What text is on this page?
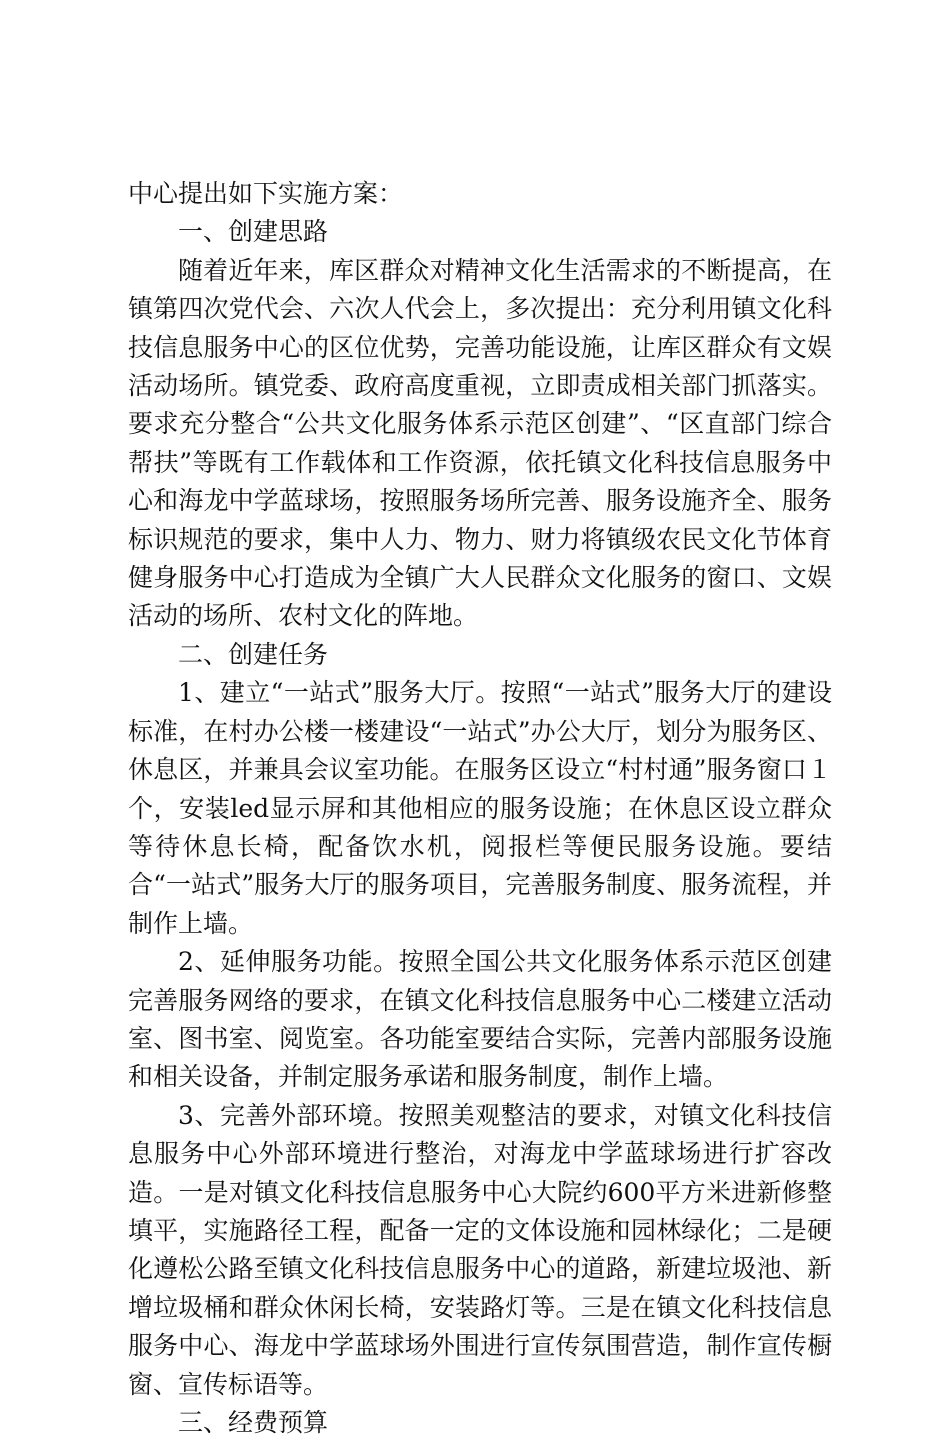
中心提出如下实施方案：

一、创建思路

随着近年来，库区群众对精神文化生活需求的不断提高，在镇第四次党代会、六次人代会上，多次提出：充分利用镇文化科技信息服务中心的区位优势，完善功能设施，让库区群众有文娱活动场所。镇党委、政府高度重视，立即责成相关部门抓落实。要求充分整合“公共文化服务体系示范区创建”、“区直部门综合帮扶”等既有工作载体和工作资源，依托镇文化科技信息服务中心和海龙中学蓝球场，按照服务场所完善、服务设施齐全、服务标识规范的要求，集中人力、物力、财力将镇级农民文化节体育健身服务中心打造成为全镇广大人民群众文化服务的窗口、文娱活动的场所、农村文化的阵地。

二、创建任务

1、建立“一站式”服务大厅。按照“一站式”服务大厅的建设标准，在村办公楼一楼建设“一站式”办公大厅，划分为服务区、休息区，并兼具会议室功能。在服务区设立“村村通”服务窗口１个，安装led显示屏和其他相应的服务设施；在休息区设立群众等待休息长椅，配备饮水机，阅报栏等便民服务设施。要结合“一站式”服务大厅的服务项目，完善服务制度、服务流程，并制作上墙。

2、延伸服务功能。按照全国公共文化服务体系示范区创建完善服务网络的要求，在镇文化科技信息服务中心二楼建立活动室、图书室、阅览室。各功能室要结合实际，完善内部服务设施和相关设备，并制定服务承诺和服务制度，制作上墙。

3、完善外部环境。按照美观整洁的要求，对镇文化科技信息服务中心外部环境进行整治，对海龙中学蓝球场进行扩容改造。一是对镇文化科技信息服务中心大院约600平方米进新修整填平，实施路径工程，配备一定的文体设施和园林绿化；二是硬化遵松公路至镇文化科技信息服务中心的道路，新建垃圾池、新增垃圾桶和群众休闲长椅，安装路灯等。三是在镇文化科技信息服务中心、海龙中学蓝球场外围进行宣传氛围营造，制作宣传橱窗、宣传标语等。

三、经费预算
